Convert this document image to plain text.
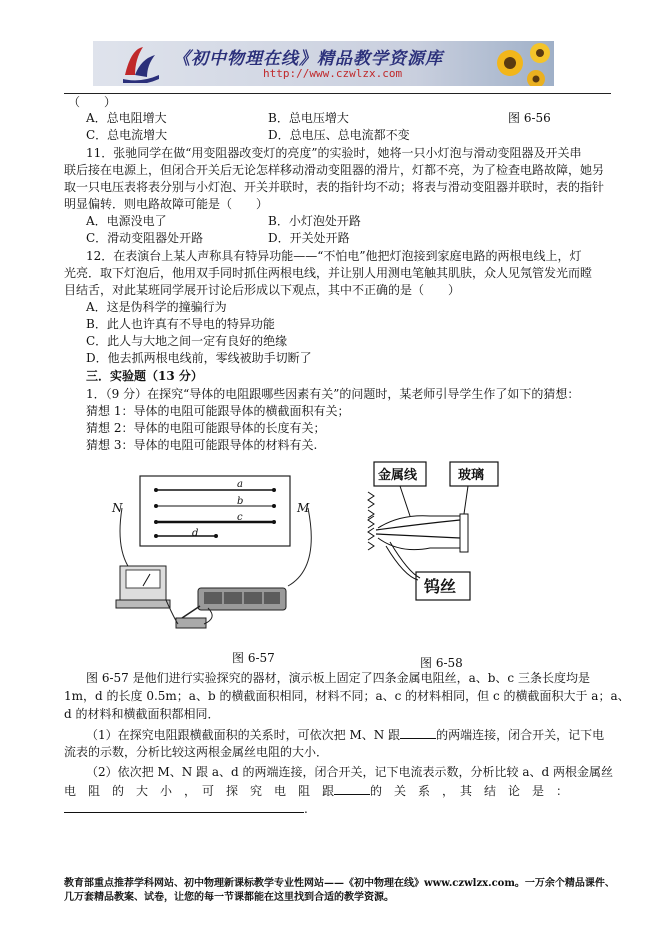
《初中物理在线》精品教学资源库
http://www.czwlzx.com
（　　）
A．总电阻增大	B．总电压增大	图 6-56
C．总电流增大	D．总电压、总电流都不变
11．张驰同学在做“用变阻器改变灯的亮度”的实验时，她将一只小灯泡与滑动变阻器及开关串
联后接在电源上，但闭合开关后无论怎样移动滑动变阻器的滑片，灯都不亮，为了检查电路故障，她另
取一只电压表将表分别与小灯泡、开关并联时，表的指针均不动；将表与滑动变阻器并联时，表的指针
明显偏转．则电路故障可能是（　　）
A．电源没电了	B．小灯泡处开路
C．滑动变阻器处开路	D．开关处开路
12．在表演台上某人声称具有特异功能——“不怕电”他把灯泡接到家庭电路的两根电线上，灯
光亮．取下灯泡后，他用双手同时抓住两根电线，并让别人用测电笔触其肌肤，众人见氖管发光而瞠
目结舌，对此某班同学展开讨论后形成以下观点，其中不正确的是（　　）
A．这是伪科学的撞骗行为
B．此人也许真有不导电的特异功能
C．此人与大地之间一定有良好的绝缘
D．他去抓两根电线前，零线被助手切断了
三．实验题（13 分）
1．（9 分）在探究“导体的电阻跟哪些因素有关”的问题时，某老师引导学生作了如下的猜想：
猜想 1：导体的电阻可能跟导体的横截面积有关；
猜想 2：导体的电阻可能跟导体的长度有关；
猜想 3：导体的电阻可能跟导体的材料有关.
N	M
a
b
c
d
图 6-57
金属线	玻璃
钨丝
图 6-58
图 6-57 是他们进行实验探究的器材，演示板上固定了四条金属电阻丝，a、b、c 三条长度均是
1m，d 的长度 0.5m；a、b 的横截面积相同，材料不同；a、c 的材料相同，但 c 的横截面积大于 a；a、
d 的材料和横截面积都相同．
（1）在探究电阻跟横截面积的关系时，可依次把 M、N 跟	的两端连接，闭合开关，记下电
流表的示数，分析比较这两根金属丝电阻的大小．
（2）依次把 M、N 跟 a、d 的两端连接，闭合开关，记下电流表示数，分析比较 a、d 两根金属丝
电　阻　的　大　小　，　可　探　究　电　阻　跟	的　关　系　，　其　结　论　是　：
.
教育部重点推荐学科网站、初中物理新课标教学专业性网站——《初中物理在线》www.czwlzx.com。一万余个精品课件、
几万套精品教案、试卷，让您的每一节课都能在这里找到合适的教学资源。
